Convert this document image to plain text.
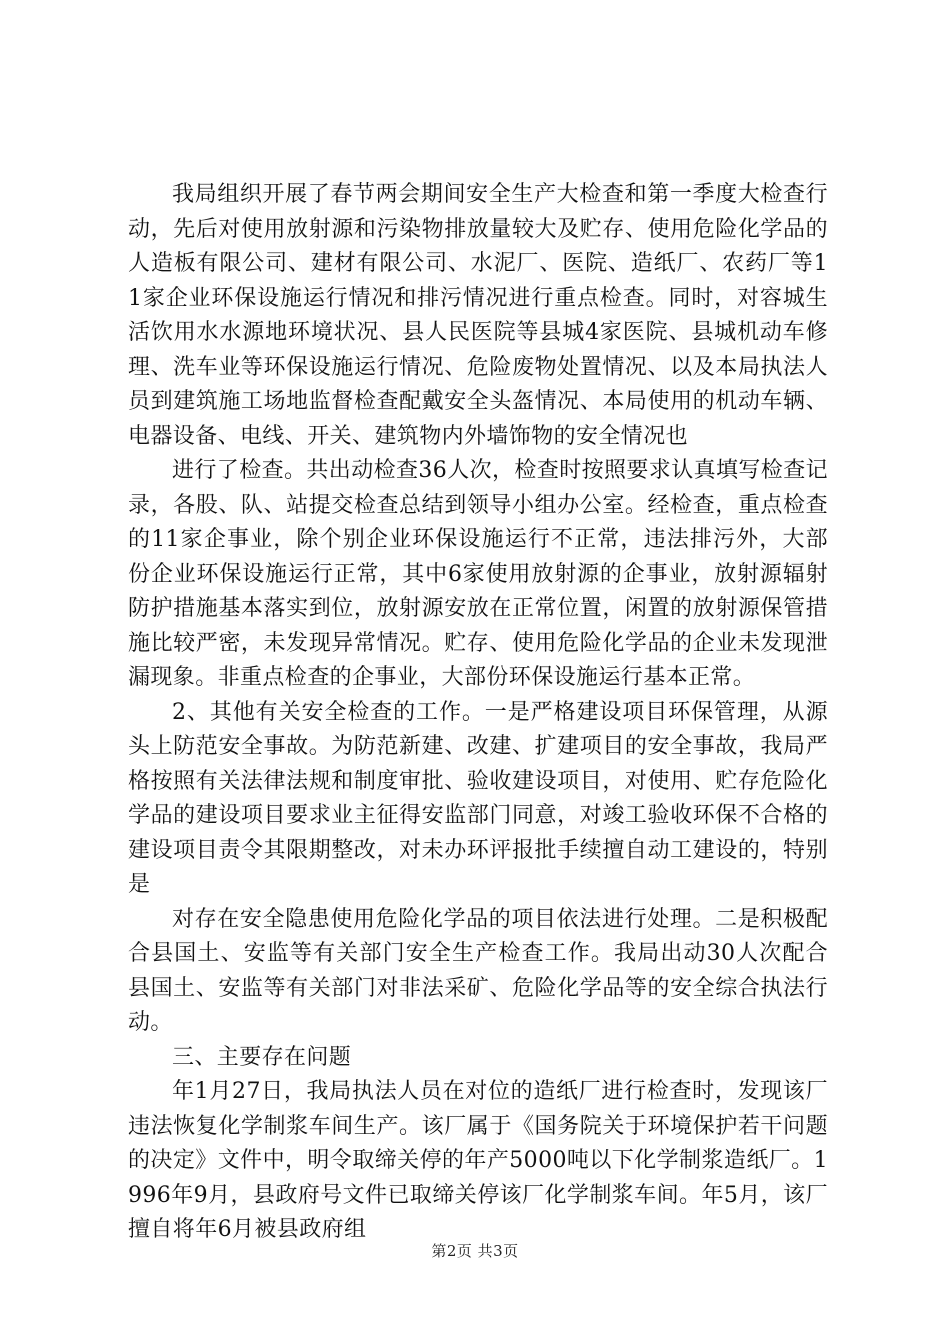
我局组织开展了春节两会期间安全生产大检查和第一季度大检查行动，先后对使用放射源和污染物排放量较大及贮存、使用危险化学品的人造板有限公司、建材有限公司、水泥厂、医院、造纸厂、农药厂等11家企业环保设施运行情况和排污情况进行重点检查。同时，对容城生活饮用水水源地环境状况、县人民医院等县城4家医院、县城机动车修理、洗车业等环保设施运行情况、危险废物处置情况、以及本局执法人员到建筑施工场地监督检查配戴安全头盔情况、本局使用的机动车辆、电器设备、电线、开关、建筑物内外墙饰物的安全情况也

进行了检查。共出动检查36人次，检查时按照要求认真填写检查记录，各股、队、站提交检查总结到领导小组办公室。经检查，重点检查的11家企事业，除个别企业环保设施运行不正常，违法排污外，大部份企业环保设施运行正常，其中6家使用放射源的企事业，放射源辐射防护措施基本落实到位，放射源安放在正常位置，闲置的放射源保管措施比较严密，未发现异常情况。贮存、使用危险化学品的企业未发现泄漏现象。非重点检查的企事业，大部份环保设施运行基本正常。

2、其他有关安全检查的工作。一是严格建设项目环保管理，从源头上防范安全事故。为防范新建、改建、扩建项目的安全事故，我局严格按照有关法律法规和制度审批、验收建设项目，对使用、贮存危险化学品的建设项目要求业主征得安监部门同意，对竣工验收环保不合格的建设项目责令其限期整改，对未办环评报批手续擅自动工建设的，特别是

对存在安全隐患使用危险化学品的项目依法进行处理。二是积极配合县国土、安监等有关部门安全生产检查工作。我局出动30人次配合县国土、安监等有关部门对非法采矿、危险化学品等的安全综合执法行动。

三、主要存在问题

年1月27日，我局执法人员在对位的造纸厂进行检查时，发现该厂违法恢复化学制浆车间生产。该厂属于《国务院关于环境保护若干问题的决定》文件中，明令取缔关停的年产5000吨以下化学制浆造纸厂。1996年9月，县政府号文件已取缔关停该厂化学制浆车间。年5月，该厂擅自将年6月被县政府组

第2页 共3页
